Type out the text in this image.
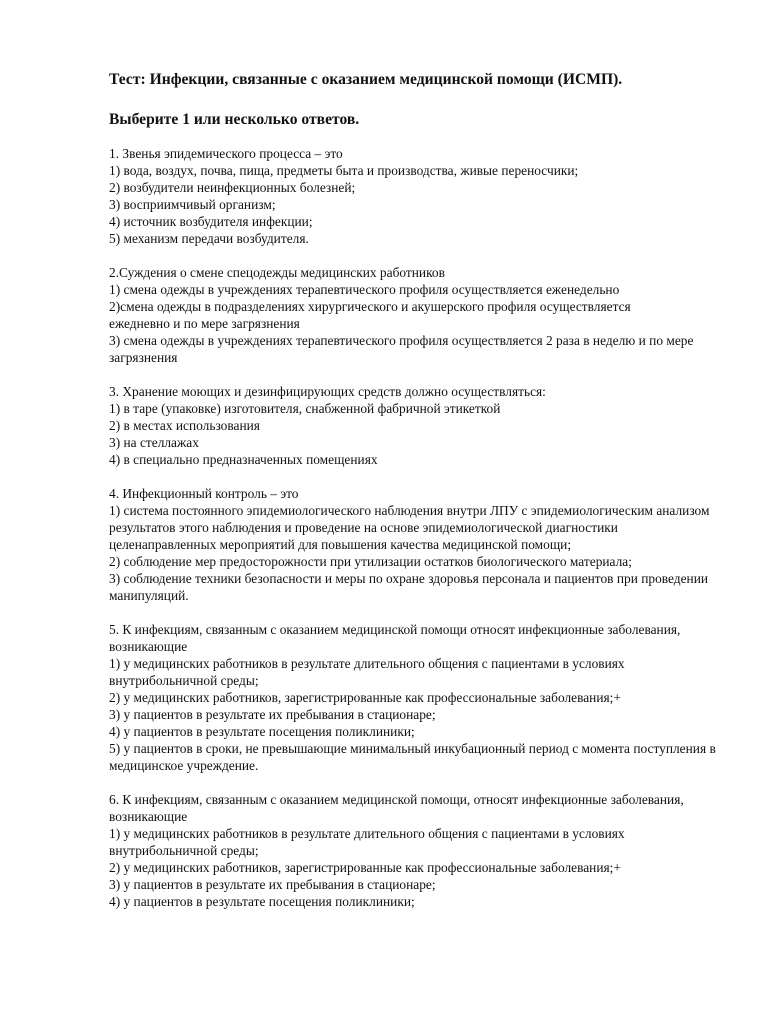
Тест: Инфекции, связанные с оказанием медицинской помощи (ИСМП).
Выберите 1 или несколько ответов.
1. Звенья эпидемического процесса – это
1) вода, воздух, почва, пища, предметы быта и производства, живые переносчики;
2) возбудители неинфекционных болезней;
3) восприимчивый организм;
4) источник возбудителя инфекции;
5) механизм передачи возбудителя.
2.Суждения о смене спецодежды медицинских работников
1) смена одежды в учреждениях терапевтического профиля осуществляется еженедельно
2)смена одежды в подразделениях хирургического и акушерского профиля осуществляется
ежедневно и по мере загрязнения
3) смена одежды в учреждениях терапевтического профиля осуществляется 2 раза в неделю и по мере загрязнения
3. Хранение моющих и дезинфицирующих средств должно осуществляться:
1) в таре (упаковке) изготовителя, снабженной фабричной этикеткой
2) в местах использования
3) на стеллажах
4) в специально предназначенных помещениях
4. Инфекционный контроль – это
1) система постоянного эпидемиологического наблюдения внутри ЛПУ с эпидемиологическим анализом результатов этого наблюдения и проведение на основе эпидемиологической диагностики целенаправленных мероприятий для повышения качества медицинской помощи;
2) соблюдение мер предосторожности при утилизации остатков биологического материала;
3) соблюдение техники безопасности и меры по охране здоровья персонала и пациентов при проведении манипуляций.
5. К инфекциям, связанным с оказанием медицинской помощи относят инфекционные заболевания, возникающие
1) у медицинских работников в результате длительного общения с пациентами в условиях внутрибольничной среды;
2) у медицинских работников, зарегистрированные как профессиональные заболевания;+
3) у пациентов в результате их пребывания в стационаре;
4) у пациентов в результате посещения поликлиники;
5) у пациентов в сроки, не превышающие минимальный инкубационный период с момента поступления в медицинское учреждение.
6. К инфекциям, связанным с оказанием медицинской помощи, относят инфекционные заболевания, возникающие
1) у медицинских работников в результате длительного общения с пациентами в условиях внутрибольничной среды;
2) у медицинских работников, зарегистрированные как профессиональные заболевания;+
3) у пациентов в результате их пребывания в стационаре;
4) у пациентов в результате посещения поликлиники;
